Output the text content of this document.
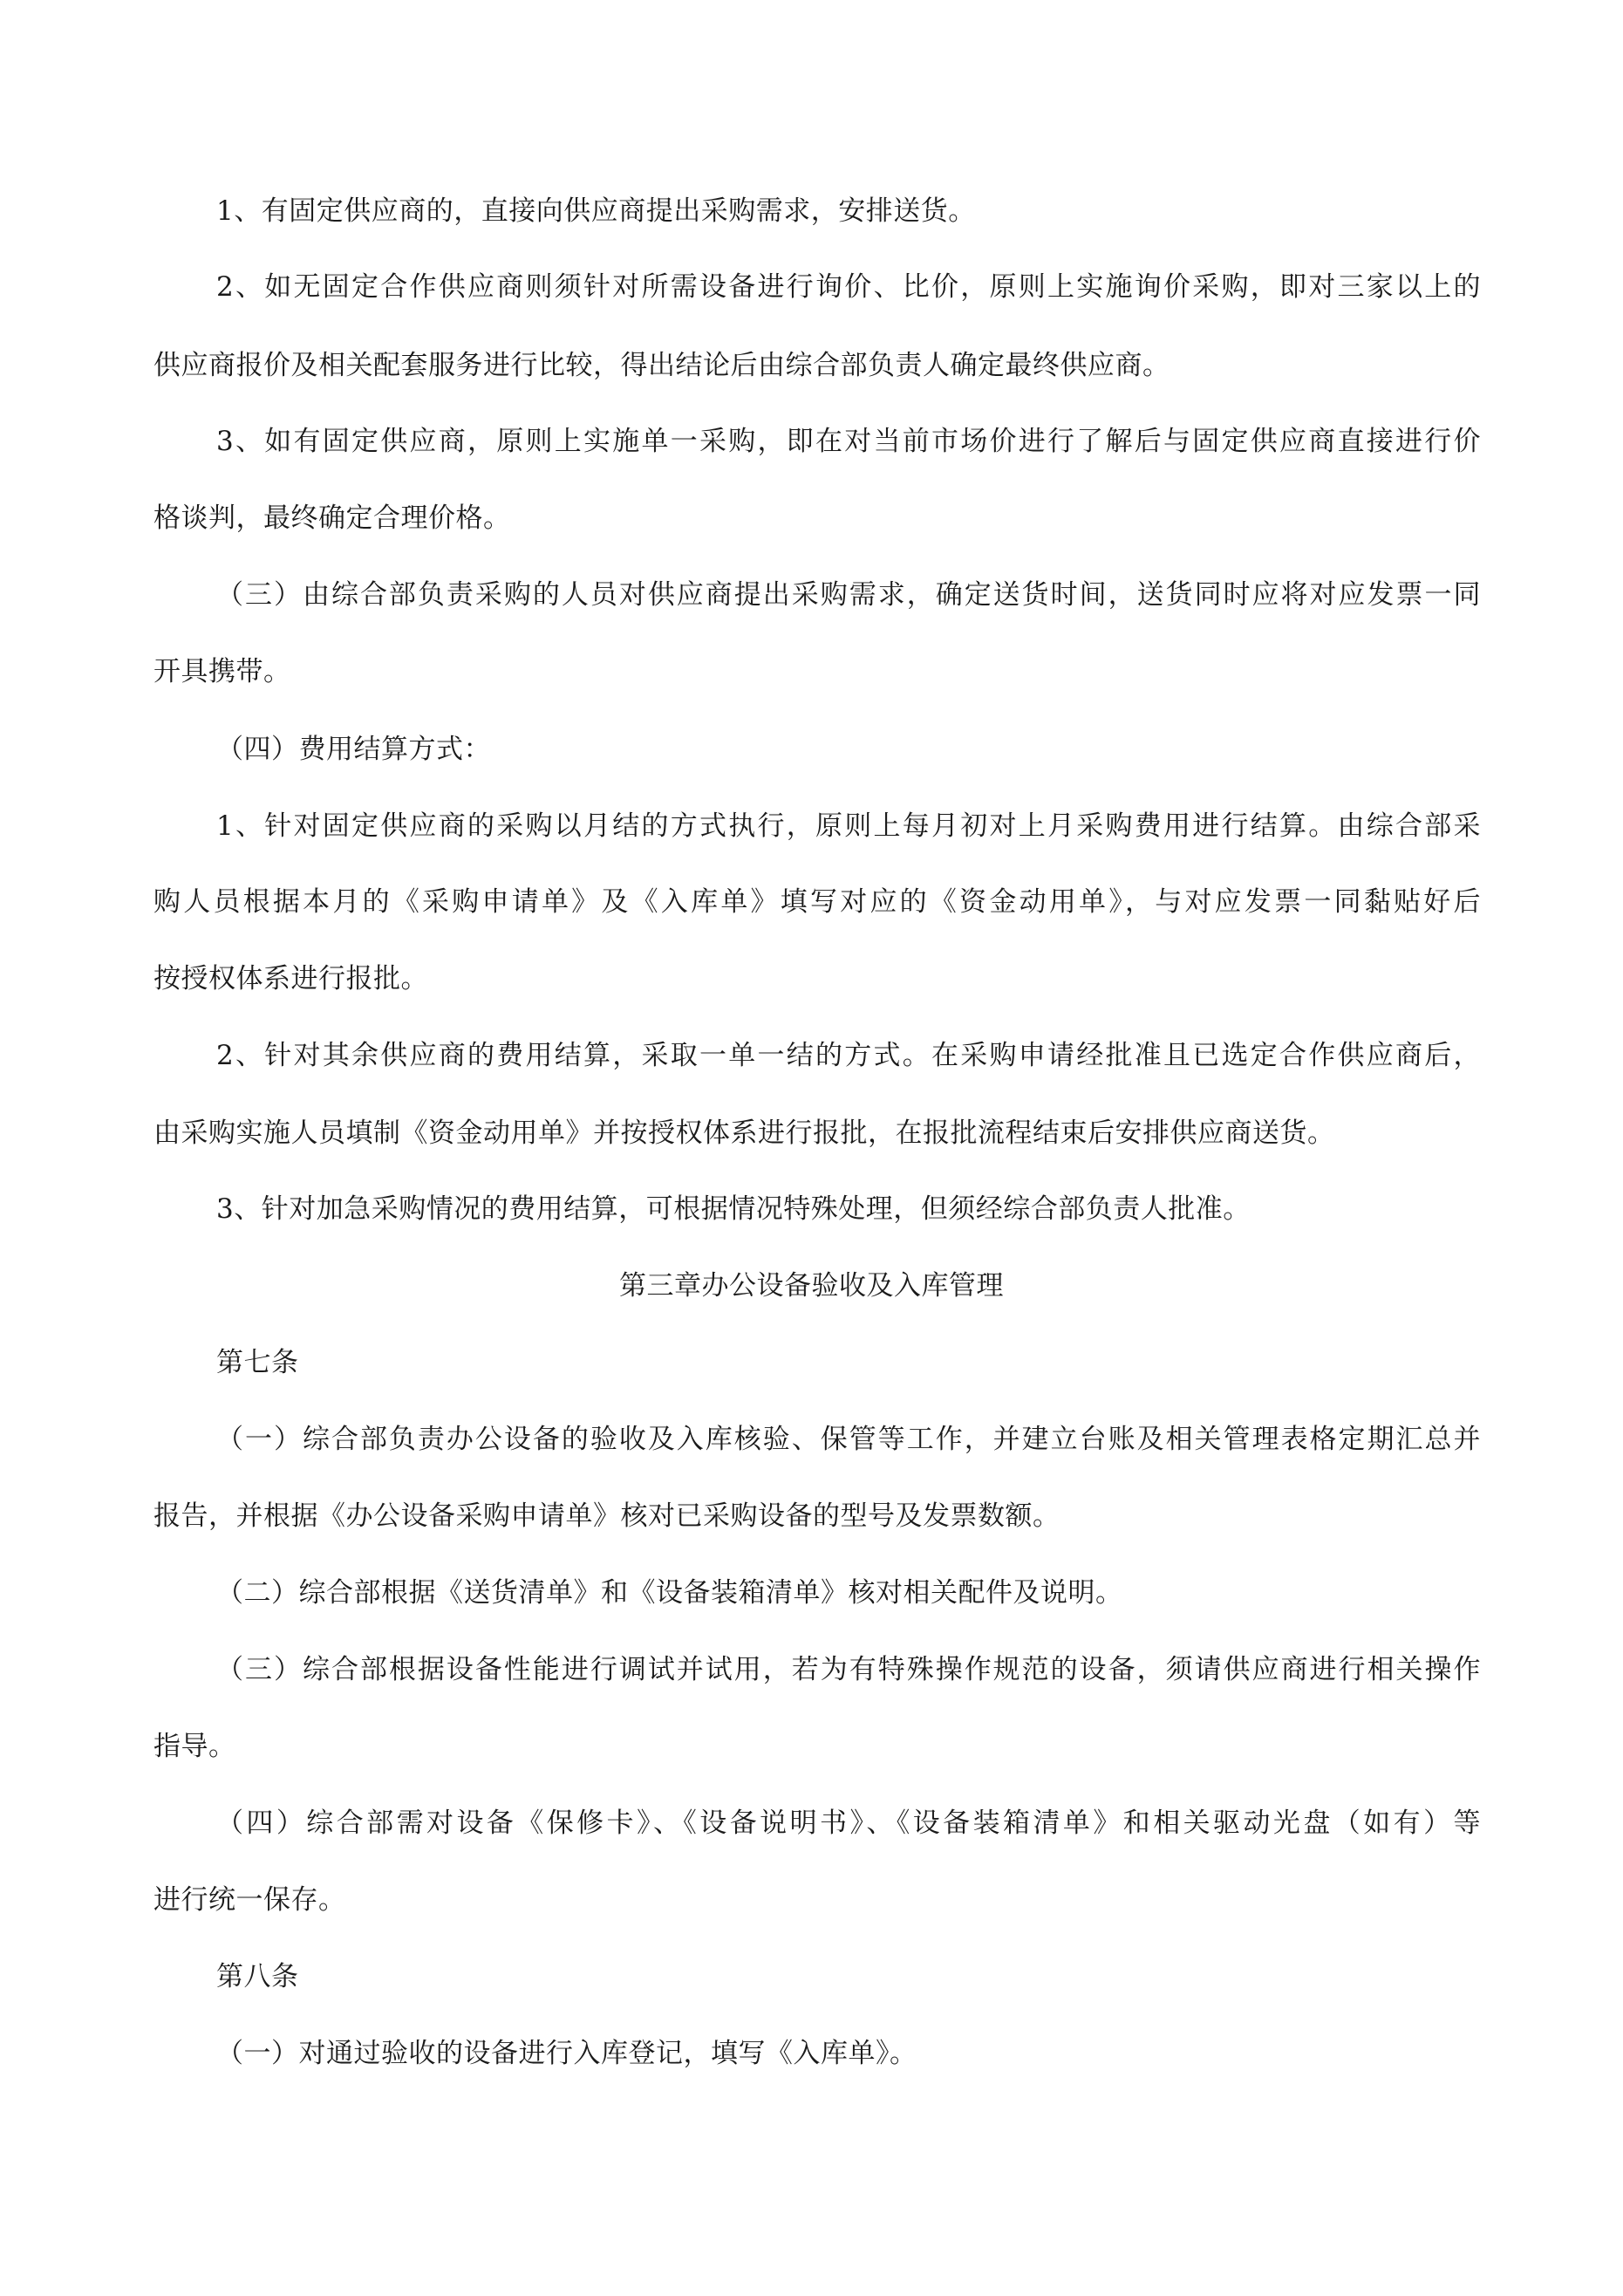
1、有固定供应商的，直接向供应商提出采购需求，安排送货。
2、如无固定合作供应商则须针对所需设备进行询价、比价，原则上实施询价采购，即对三家以上的
供应商报价及相关配套服务进行比较，得出结论后由综合部负责人确定最终供应商。
3、如有固定供应商，原则上实施单一采购，即在对当前市场价进行了解后与固定供应商直接进行价
格谈判，最终确定合理价格。
（三）由综合部负责采购的人员对供应商提出采购需求，确定送货时间，送货同时应将对应发票一同
开具携带。
（四）费用结算方式：
1、针对固定供应商的采购以月结的方式执行，原则上每月初对上月采购费用进行结算。由综合部采
购人员根据本月的《采购申请单》及《入库单》填写对应的《资金动用单》，与对应发票一同黏贴好后
按授权体系进行报批。
2、针对其余供应商的费用结算，采取一单一结的方式。在采购申请经批准且已选定合作供应商后，
由采购实施人员填制《资金动用单》并按授权体系进行报批，在报批流程结束后安排供应商送货。
3、针对加急采购情况的费用结算，可根据情况特殊处理，但须经综合部负责人批准。
第三章办公设备验收及入库管理
第七条
（一）综合部负责办公设备的验收及入库核验、保管等工作，并建立台账及相关管理表格定期汇总并
报告，并根据《办公设备采购申请单》核对已采购设备的型号及发票数额。
（二）综合部根据《送货清单》和《设备装箱清单》核对相关配件及说明。
（三）综合部根据设备性能进行调试并试用，若为有特殊操作规范的设备，须请供应商进行相关操作
指导。
（四）综合部需对设备《保修卡》、《设备说明书》、《设备装箱清单》和相关驱动光盘（如有）等
进行统一保存。
第八条
（一）对通过验收的设备进行入库登记，填写《入库单》。
